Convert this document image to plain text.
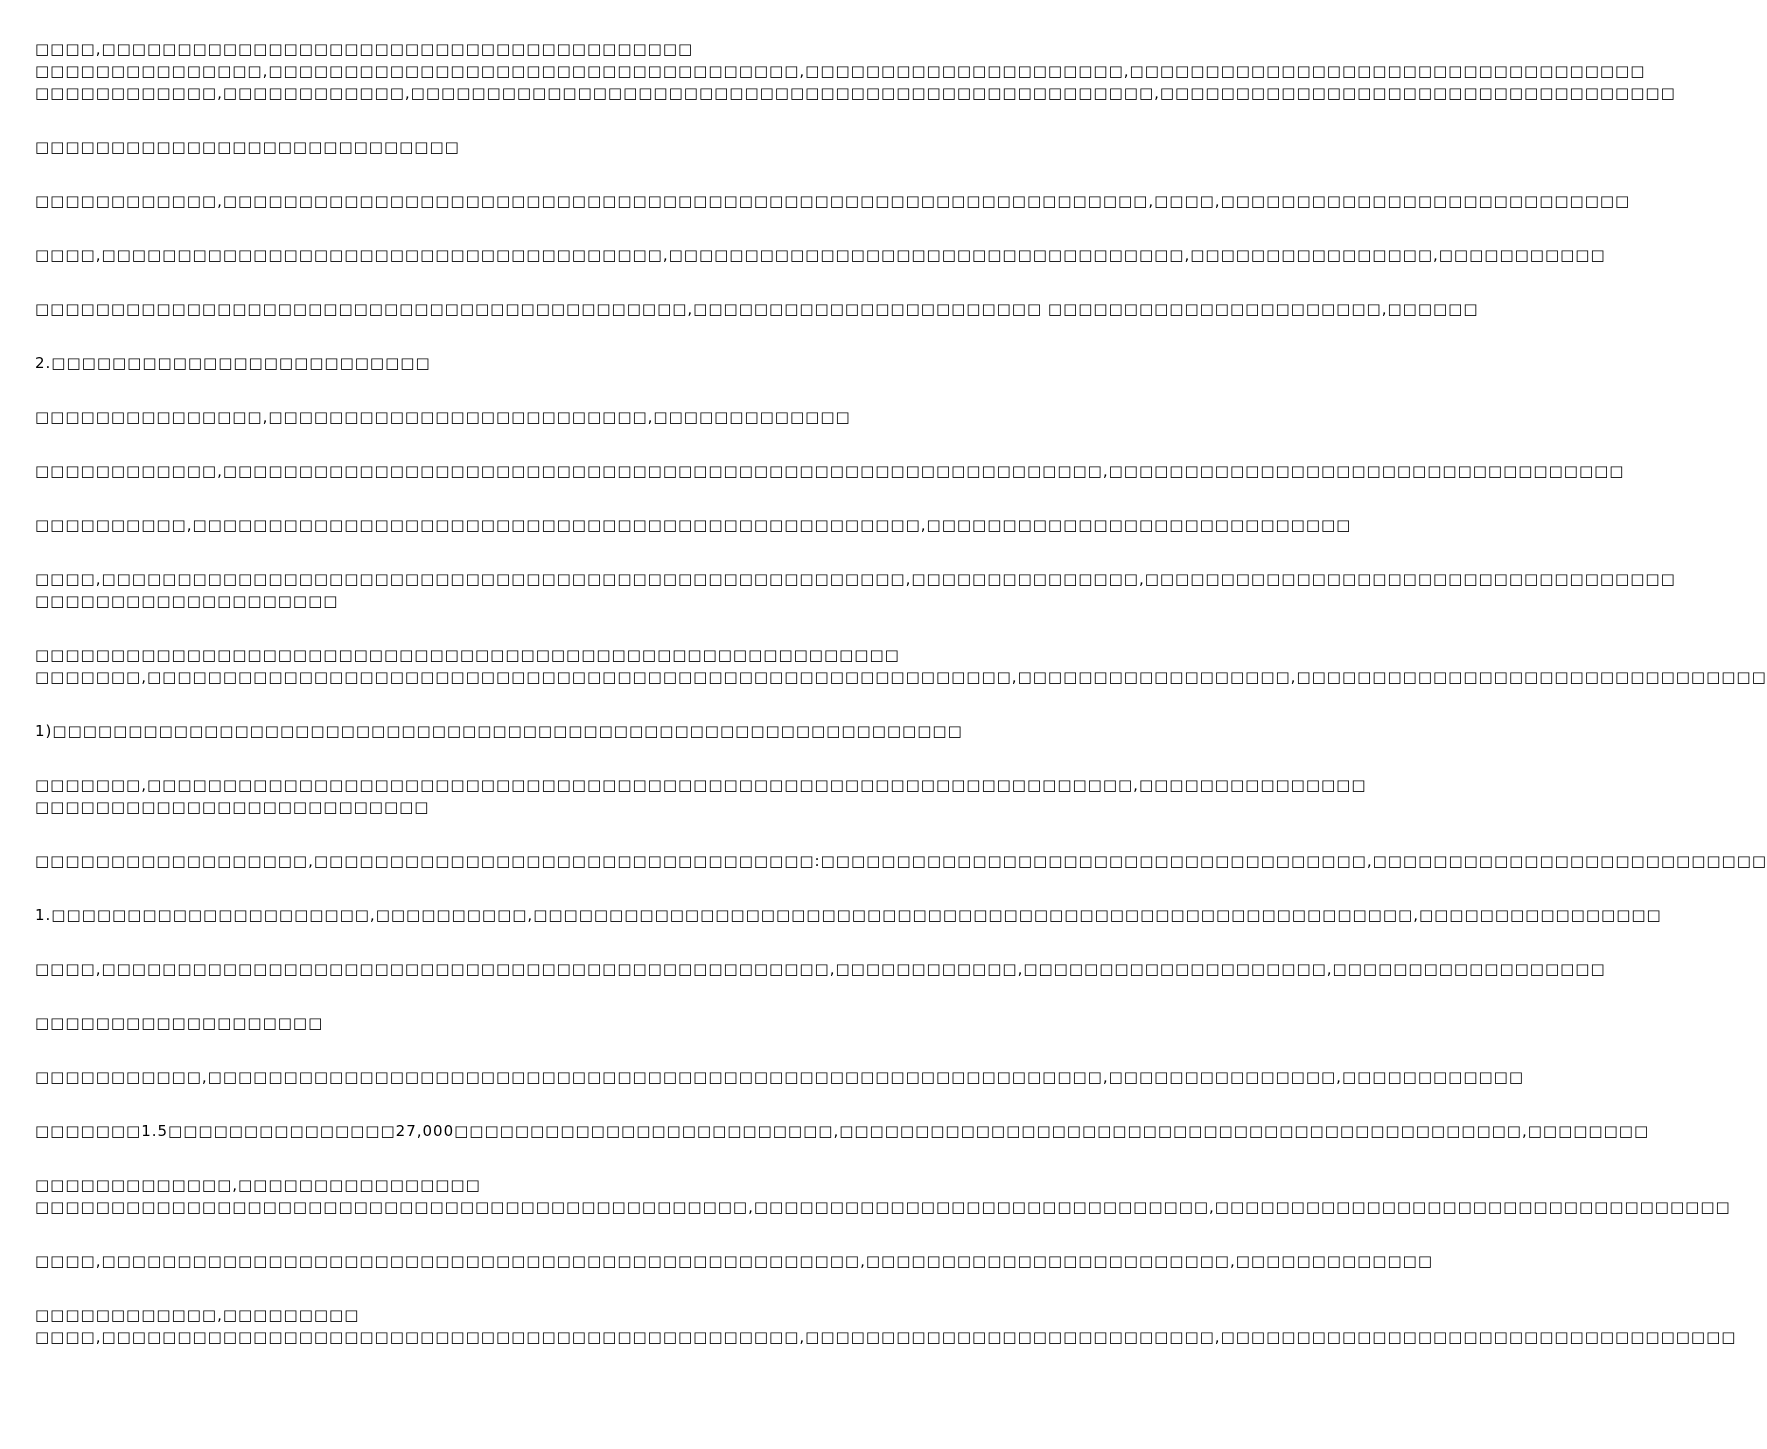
□□□□,□□□□□□□□□□□□□□□□□□□□□□□□□□□□□□□□□□□□□□□
□□□□□□□□□□□□□□□,□□□□□□□□□□□□□□□□□□□□□□□□□□□□□□□□□□□,□□□□□□□□□□□□□□□□□□□□□,□□□□□□□□□□□□□□□□□□□□□□□□□□□□□□□□□□
□□□□□□□□□□□□,□□□□□□□□□□□□,□□□□□□□□□□□□□□□□□□□□□□□□□□□□□□□□□□□□□□□□□□□□□□□□□,□□□□□□□□□□□□□□□□□□□□□□□□□□□□□□□□□□
□□□□□□□□□□□□□□□□□□□□□□□□□□□□
□□□□□□□□□□□□,□□□□□□□□□□□□□□□□□□□□□□□□□□□□□□□□□□□□□□□□□□□□□□□□□□□□□□□□□□□□□,□□□□,□□□□□□□□□□□□□□□□□□□□□□□□□□□
□□□□,□□□□□□□□□□□□□□□□□□□□□□□□□□□□□□□□□□□□□,□□□□□□□□□□□□□□□□□□□□□□□□□□□□□□□□□□,□□□□□□□□□□□□□□□□,□□□□□□□□□□□
□□□□□□□□□□□□□□□□□□□□□□□□□□□□□□□□□□□□□□□□□□□,□□□□□□□□□□□□□□□□□□□□□□□ □□□□□□□□□□□□□□□□□□□□□□,□□□□□□
2.□□□□□□□□□□□□□□□□□□□□□□□□□
□□□□□□□□□□□□□□□,□□□□□□□□□□□□□□□□□□□□□□□□□,□□□□□□□□□□□□□
□□□□□□□□□□□□,□□□□□□□□□□□□□□□□□□□□□□□□□□□□□□□□□□□□□□□□□□□□□□□□□□□□□□□□□□,□□□□□□□□□□□□□□□□□□□□□□□□□□□□□□□□□□
□□□□□□□□□□,□□□□□□□□□□□□□□□□□□□□□□□□□□□□□□□□□□□□□□□□□□□□□□□□,□□□□□□□□□□□□□□□□□□□□□□□□□□□□
□□□□,□□□□□□□□□□□□□□□□□□□□□□□□□□□□□□□□□□□□□□□□□□□□□□□□□□□□□,□□□□□□□□□□□□□□□,□□□□□□□□□□□□□□□□□□□□□□□□□□□□□□□□□□□
□□□□□□□□□□□□□□□□□□□□
□□□□□□□□□□□□□□□□□□□□□□□□□□□□□□□□□□□□□□□□□□□□□□□□□□□□□□□□□
□□□□□□□,□□□□□□□□□□□□□□□□□□□□□□□□□□□□□□□□□□□□□□□□□□□□□□□□□□□□□□□□□,□□□□□□□□□□□□□□□□□□,□□□□□□□□□□□□□□□□□□□□□□□□□□□□□□□
1)□□□□□□□□□□□□□□□□□□□□□□□□□□□□□□□□□□□□□□□□□□□□□□□□□□□□□□□□□□□□
□□□□□□□,□□□□□□□□□□□□□□□□□□□□□□□□□□□□□□□□□□□□□□□□□□□□□□□□□□□□□□□□□□□□□□□□□,□□□□□□□□□□□□□□□
□□□□□□□□□□□□□□□□□□□□□□□□□□
□□□□□□□□□□□□□□□□□□,□□□□□□□□□□□□□□□□□□□□□□□□□□□□□□□□□:□□□□□□□□□□□□□□□□□□□□□□□□□□□□□□□□□□□□,□□□□□□□□□□□□□□□□□□□□□□□□□□
1.□□□□□□□□□□□□□□□□□□□□□,□□□□□□□□□□,□□□□□□□□□□□□□□□□□□□□□□□□□□□□□□□□□□□□□□□□□□□□□□□□□□□□□□□□□□,□□□□□□□□□□□□□□□□
□□□□,□□□□□□□□□□□□□□□□□□□□□□□□□□□□□□□□□□□□□□□□□□□□□□□□,□□□□□□□□□□□□,□□□□□□□□□□□□□□□□□□□□,□□□□□□□□□□□□□□□□□□
□□□□□□□□□□□□□□□□□□□
□□□□□□□□□□□,□□□□□□□□□□□□□□□□□□□□□□□□□□□□□□□□□□□□□□□□□□□□□□□□□□□□□□□□□□□,□□□□□□□□□□□□□□□,□□□□□□□□□□□□
□□□□□□□1.5□□□□□□□□□□□□□□□27,000□□□□□□□□□□□□□□□□□□□□□□□□□,□□□□□□□□□□□□□□□□□□□□□□□□□□□□□□□□□□□□□□□□□□□□□,□□□□□□□□
□□□□□□□□□□□□□,□□□□□□□□□□□□□□□□
□□□□□□□□□□□□□□□□□□□□□□□□□□□□□□□□□□□□□□□□□□□□□□□,□□□□□□□□□□□□□□□□□□□□□□□□□□□□□□,□□□□□□□□□□□□□□□□□□□□□□□□□□□□□□□□□□
□□□□,□□□□□□□□□□□□□□□□□□□□□□□□□□□□□□□□□□□□□□□□□□□□□□□□□□,□□□□□□□□□□□□□□□□□□□□□□□□,□□□□□□□□□□□□□
□□□□□□□□□□□□,□□□□□□□□□
□□□□,□□□□□□□□□□□□□□□□□□□□□□□□□□□□□□□□□□□□□□□□□□□□□□,□□□□□□□□□□□□□□□□□□□□□□□□□□□,□□□□□□□□□□□□□□□□□□□□□□□□□□□□□□□□□□
